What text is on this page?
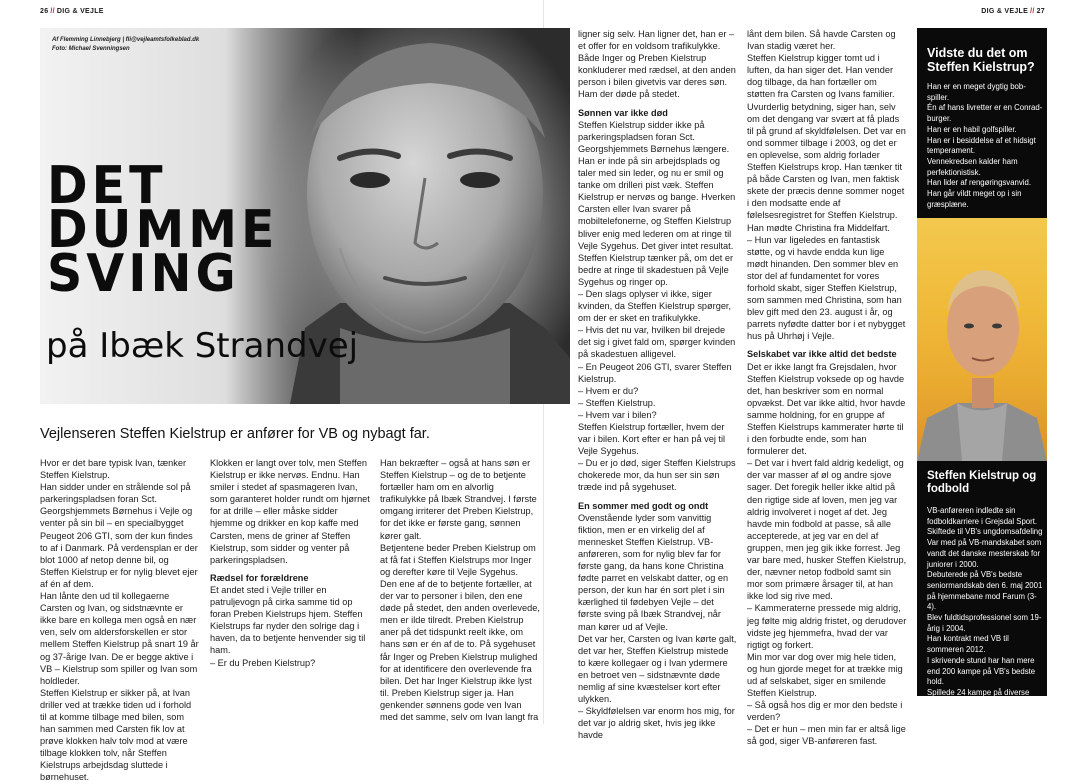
26 // DIG & VEJLE	DIG & VEJLE // 27
Af Flemming Linnebjerg | fli@vejleamtsfolkeblad.dk
Foto: Michael Svenningsen
DET
DUMME
SVING
på Ibæk Strandvej
Vejlenseren Steffen Kielstrup er anfører for VB og nybagt far.

Hvor er det bare typisk Ivan, tænker Steffen Kielstrup.

Han sidder under en strålende sol på parkeringspladsen foran Sct. Georgshjemmets Børnehus i Vejle og venter på sin bil – en specialbygget Peugeot 206 GTI, som der kun findes to af i Danmark. På verdensplan er der blot 1000 af netop denne bil, og Steffen Kielstrup er for nylig blevet ejer af én af dem.

Han lånte den ud til kollegaerne Carsten og Ivan, og sidstnævnte er ikke bare en kollega men også en nær ven, selv om aldersforskellen er stor mellem Steffen Kielstrup på snart 19 år og 37-årige Ivan. De er begge aktive i VB – Kielstrup som spiller og Ivan som holdleder.

Steffen Kielstrup er sikker på, at Ivan driller ved at trække tiden ud i forhold til at komme tilbage med bilen, som han sammen med Carsten fik lov at prøve klokken halv tolv mod at være tilbage klokken tolv, når Steffen Kielstrups arbejdsdag sluttede i børnehuset.

Klokken er langt over tolv, men Steffen Kielstrup er ikke nervøs. Endnu. Han smiler i stedet af spasmageren Ivan, som garanteret holder rundt om hjørnet for at drille – eller måske sidder hjemme og drikker en kop kaffe med Carsten, mens de griner af Steffen Kielstrup, som sidder og venter på parkeringspladsen.

Rædsel for forældrene

Et andet sted i Vejle triller en patruljevogn på cirka samme tid op foran Preben Kielstrups hjem. Steffen Kielstrups far nyder den solrige dag i haven, da to betjente henvender sig til ham.

– Er du Preben Kielstrup?

Han bekræfter – også at hans søn er Steffen Kielstrup – og de to betjente fortæller ham om en alvorlig trafikulykke på Ibæk Strandvej. I første omgang irriterer det Preben Kielstrup, for det ikke er første gang, sønnen kører galt.

Betjentene beder Preben Kielstrup om at få fat i Steffen Kielstrups mor Inger og derefter køre til Vejle Sygehus.

Den ene af de to betjente fortæller, at der var to personer i bilen, den ene døde på stedet, den anden overlevede, men er ilde tilredt. Preben Kielstrup aner på det tidspunkt reelt ikke, om hans søn er én af de to. På sygehuset får Inger og Preben Kielstrup mulighed for at identificere den overlevende fra bilen. Det har Inger Kielstrup ikke lyst til. Preben Kielstrup siger ja. Han genkender sønnens gode ven Ivan med det samme, selv om Ivan langt fra

ligner sig selv. Han ligner det, han er – et offer for en voldsom trafikulykke. Både Inger og Preben Kielstrup konkluderer med rædsel, at den anden person i bilen givetvis var deres søn. Ham der døde på stedet.

Sønnen var ikke død

Steffen Kielstrup sidder ikke på parkeringspladsen foran Sct. Georgshjemmets Børnehus længere. Han er inde på sin arbejdsplads og taler med sin leder, og nu er smil og tanke om drilleri pist væk. Steffen Kielstrup er nervøs og bange. Hverken Carsten eller Ivan svarer på mobiltelefonerne, og Steffen Kielstrup bliver enig med lederen om at ringe til Vejle Sygehus. Det giver intet resultat.

Steffen Kielstrup tænker på, om det er bedre at ringe til skadestuen på Vejle Sygehus og ringer op.

– Den slags oplyser vi ikke, siger kvinden, da Steffen Kielstrup spørger, om der er sket en trafikulykke.

– Hvis det nu var, hvilken bil drejede det sig i givet fald om, spørger kvinden på skadestuen alligevel.

– En Peugeot 206 GTI, svarer Steffen Kielstrup.

– Hvem er du?

– Steffen Kielstrup.

– Hvem var i bilen?

Steffen Kielstrup fortæller, hvem der var i bilen. Kort efter er han på vej til Vejle Sygehus.

– Du er jo død, siger Steffen Kielstrups chokerede mor, da hun ser sin søn træde ind på sygehuset.

En sommer med godt og ondt

Ovenstående lyder som vanvittig fiktion, men er en virkelig del af mennesket Steffen Kielstrup. VB-anføreren, som for nylig blev far for første gang, da hans kone Christina fødte parret en velskabt datter, og en person, der kun har én sort plet i sin kærlighed til fødebyen Vejle – det første sving på Ibæk Strandvej, når man kører ud af Vejle.

Det var her, Carsten og Ivan kørte galt, det var her, Steffen Kielstrup mistede to kære kollegaer og i Ivan ydermere en betroet ven – sidstnævnte døde nemlig af sine kvæstelser kort efter ulykken.

– Skyldfølelsen var enorm hos mig, for det var jo aldrig sket, hvis jeg ikke havde

lånt dem bilen. Så havde Carsten og Ivan stadig været her.

Steffen Kielstrup kigger tomt ud i luften, da han siger det. Han vender dog tilbage, da han fortæller om støtten fra Carsten og Ivans familier. Uvurderlig betydning, siger han, selv om det dengang var svært at få plads til på grund af skyldfølelsen. Det var en ond sommer tilbage i 2003, og det er en oplevelse, som aldrig forlader Steffen Kielstrups krop. Han tænker tit på både Carsten og Ivan, men faktisk skete der præcis denne sommer noget i den modsatte ende af følelsesregistret for Steffen Kielstrup. Han mødte Christina fra Middelfart.

– Hun var ligeledes en fantastisk støtte, og vi havde endda kun lige mødt hinanden. Den sommer blev en stor del af fundamentet for vores forhold skabt, siger Steffen Kielstrup, som sammen med Christina, som han blev gift med den 23. august i år, og parrets nyfødte datter bor i et nybygget hus på Uhrhøj i Vejle.

Selskabet var ikke altid det bedste

Det er ikke langt fra Grejsdalen, hvor Steffen Kielstrup voksede op og havde det, han beskriver som en normal opvækst. Det var ikke altid, hvor havde samme holdning, for en gruppe af Steffen Kielstrups kammerater hørte til i den forbudte ende, som han formulerer det.

– Det var i hvert fald aldrig kedeligt, og der var masser af øl og andre sjove sager. Det foregik heller ikke altid på den rigtige side af loven, men jeg var aldrig involveret i noget af det. Jeg havde min fodbold at passe, så alle accepterede, at jeg var en del af gruppen, men jeg gik ikke forrest. Jeg var bare med, husker Steffen Kielstrup, der, nævner netop fodbold samt sin mor som primære årsager til, at han ikke lod sig rive med.

– Kammeraterne pressede mig aldrig, jeg følte mig aldrig fristet, og derudover vidste jeg hjemmefra, hvad der var rigtigt og forkert.

Min mor var dog over mig hele tiden, og hun gjorde meget for at trække mig ud af selskabet, siger en smilende Steffen Kielstrup.

– Så også hos dig er mor den bedste i verden?

– Det er hun – men min far er altså lige så god, siger VB-anføreren fast.

Vidste du det om Steffen Kielstrup?
Han er en meget dygtig bob-spiller.
Én af hans livretter er en Conrad-burger.
Han er en habil golfspiller.
Han er i besiddelse af et hidsigt temperament.
Vennekredsen kalder ham perfektionistisk.
Han lider af rengøringsvanvid.
Han går vildt meget op i sin græsplæne.
Steffen Kielstrup og fodbold
VB-anføreren indledte sin fodboldkarriere i Grejsdal Sport.
Skiftede til VB's ungdomsafdeling
Var med på VB-mandskabet som vandt det danske mesterskab for juniorer i 2000.
Debuterede på VB's bedste seniormandskab den 6. maj 2001 på hjemmebane mod Farum (3-4).
Blev fuldtidsprofessionel som 19-årig i 2004.
Han kontrakt med VB til sommeren 2012.
I skrivende stund har han mere end 200 kampe på VB's bedste hold.
Spillede 24 kampe på diverse danske ungdomslandshold.
